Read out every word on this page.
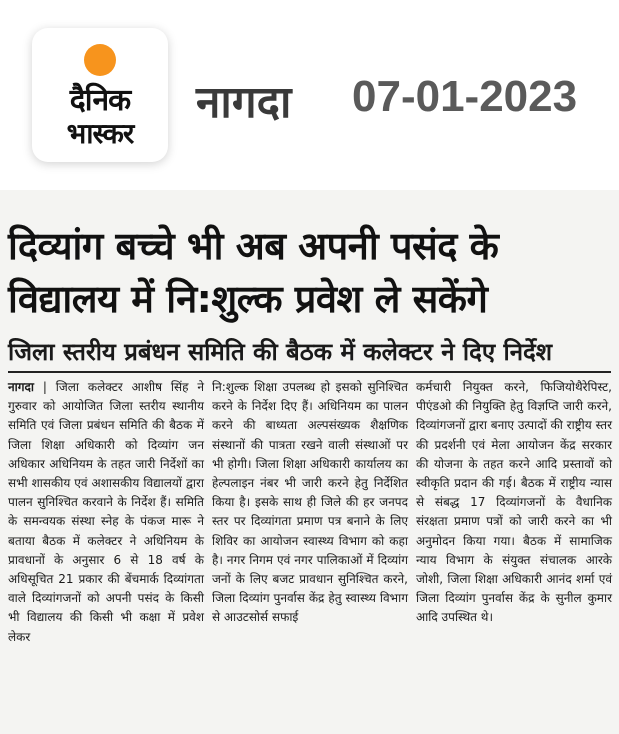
दैनिक
भास्कर
नागदा 07-01-2023
दिव्यांग बच्चे भी अब अपनी पसंद के
विद्यालय में नि:शुल्क प्रवेश ले सकेंगे
जिला स्तरीय प्रबंधन समिति की बैठक में कलेक्टर ने दिए निर्देश
नागदा | जिला कलेक्टर आशीष सिंह ने गुरुवार को आयोजित जिला स्तरीय स्थानीय समिति एवं जिला प्रबंधन समिति की बैठक में जिला शिक्षा अधिकारी को दिव्यांग जन अधिकार अधिनियम के तहत जारी निर्देशों का सभी शासकीय एवं अशासकीय विद्यालयों द्वारा पालन सुनिश्चित करवाने के निर्देश हैं। समिति के समन्वयक संस्था स्नेह के पंकज मारू ने बताया बैठक में कलेक्टर ने अधिनियम के प्रावधानों के अनुसार 6 से 18 वर्ष के अधिसूचित 21 प्रकार की बेंचमार्क दिव्यांगता वाले दिव्यांगजनों को अपनी पसंद के किसी भी विद्यालय की किसी भी कक्षा में प्रवेश लेकर
नि:शुल्क शिक्षा उपलब्ध हो इसको सुनिश्चित करने के निर्देश दिए हैं। अधिनियम का पालन करने की बाध्यता अल्पसंख्यक शैक्षणिक संस्थानों की पात्रता रखने वाली संस्थाओं पर भी होगी। जिला शिक्षा अधिकारी कार्यालय का हेल्पलाइन नंबर भी जारी करने हेतु निर्देशित किया है। इसके साथ ही जिले की हर जनपद स्तर पर दिव्यांगता प्रमाण पत्र बनाने के लिए शिविर का आयोजन स्वास्थ्य विभाग को कहा है। नगर निगम एवं नगर पालिकाओं में दिव्यांग जनों के लिए बजट प्रावधान सुनिश्चित करने, जिला दिव्यांग पुनर्वास केंद्र हेतु स्वास्थ्य विभाग से आउटसोर्स सफाई
कर्मचारी नियुक्त करने, फिजियोथैरेपिस्ट, पीएंडओ की नियुक्ति हेतु विज्ञप्ति जारी करने, दिव्यांगजनों द्वारा बनाए उत्पादों की राष्ट्रीय स्तर की प्रदर्शनी एवं मेला आयोजन केंद्र सरकार की योजना के तहत करने आदि प्रस्तावों को स्वीकृति प्रदान की गई। बैठक में राष्ट्रीय न्यास से संबद्ध 17 दिव्यांगजनों के वैधानिक संरक्षता प्रमाण पत्रों को जारी करने का भी अनुमोदन किया गया। बैठक में सामाजिक न्याय विभाग के संयुक्त संचालक आरके जोशी, जिला शिक्षा अधिकारी आनंद शर्मा एवं जिला दिव्यांग पुनर्वास केंद्र के सुनील कुमार आदि उपस्थित थे।
